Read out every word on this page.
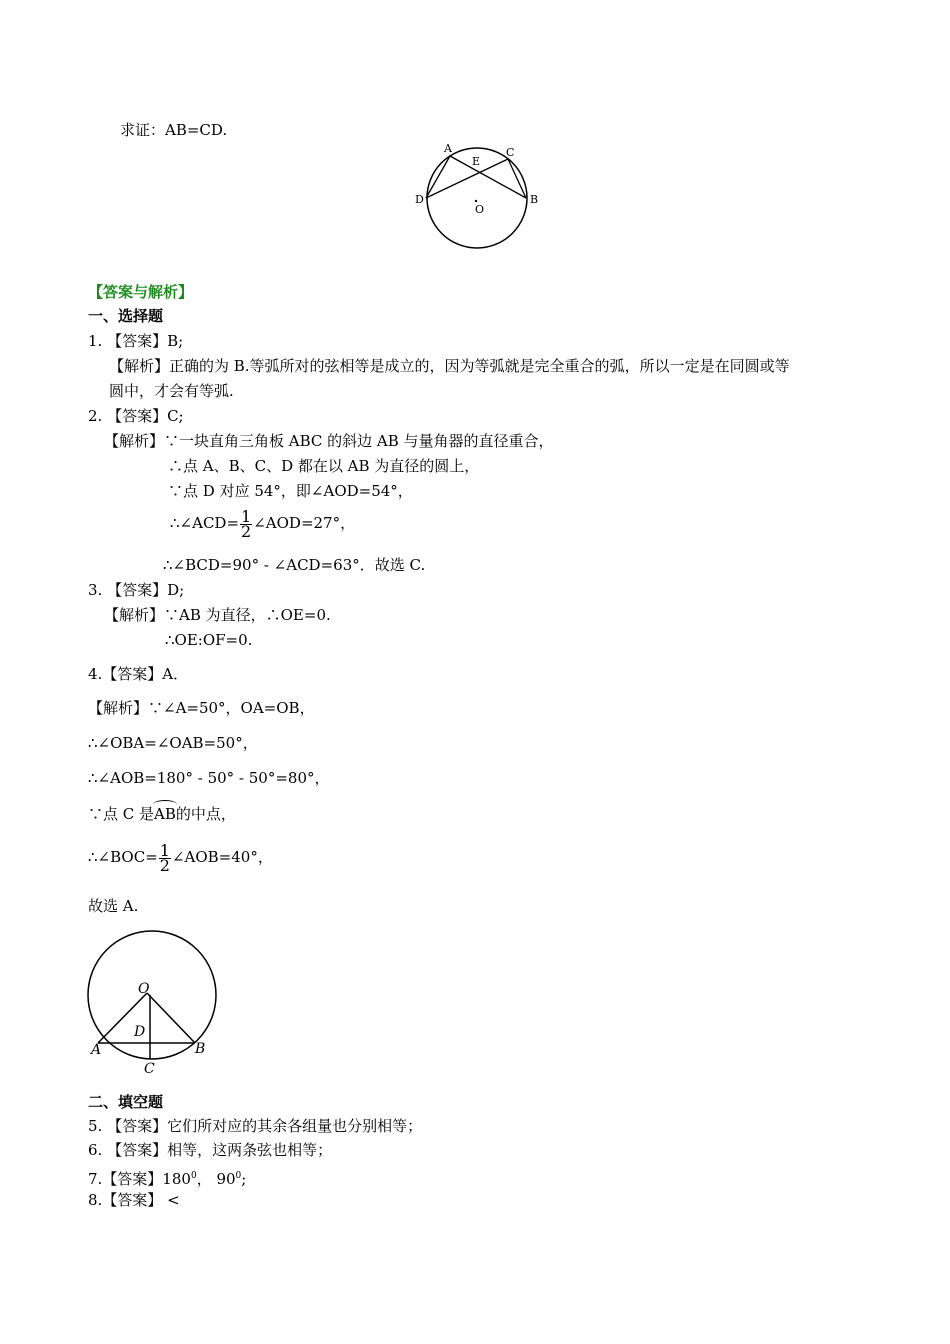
求证：AB=CD.
A
E
C
D	B
O
【答案与解析】
一、选择题
1. 【答案】B;
【解析】正确的为 B.等弧所对的弦相等是成立的，因为等弧就是完全重合的弧，所以一定是在同圆或等
圆中，才会有等弧.
2. 【答案】C;
【解析】∵一块直角三角板 ABC 的斜边 AB 与量角器的直径重合，
∴点 A、B、C、D 都在以 AB 为直径的圆上，
∵点 D 对应 54°，即∠AOD=54°，
∴∠ACD= $\frac{1}{2}$ ∠AOD=27°，
∴∠BCD=90° - ∠ACD=63°．故选 C.
3. 【答案】D;
【解析】∵AB 为直径，∴OE=0.
∴OE:OF=0.
4.【答案】A．
【解析】∵∠A=50°，OA=OB，
∴∠OBA=∠OAB=50°，
∴∠AOB=180° - 50° - 50°=80°，
∵点 C 是AB的中点，
∴∠BOC= $\frac{1}{2}$ ∠AOB=40°，
故选 A.
O
D
A	B
C
二、填空题
5. 【答案】它们所对应的其余各组量也分别相等；
6. 【答案】相等，这两条弦也相等；
7.【答案】$180^0$， $90^0$;
8.【答案】 <
